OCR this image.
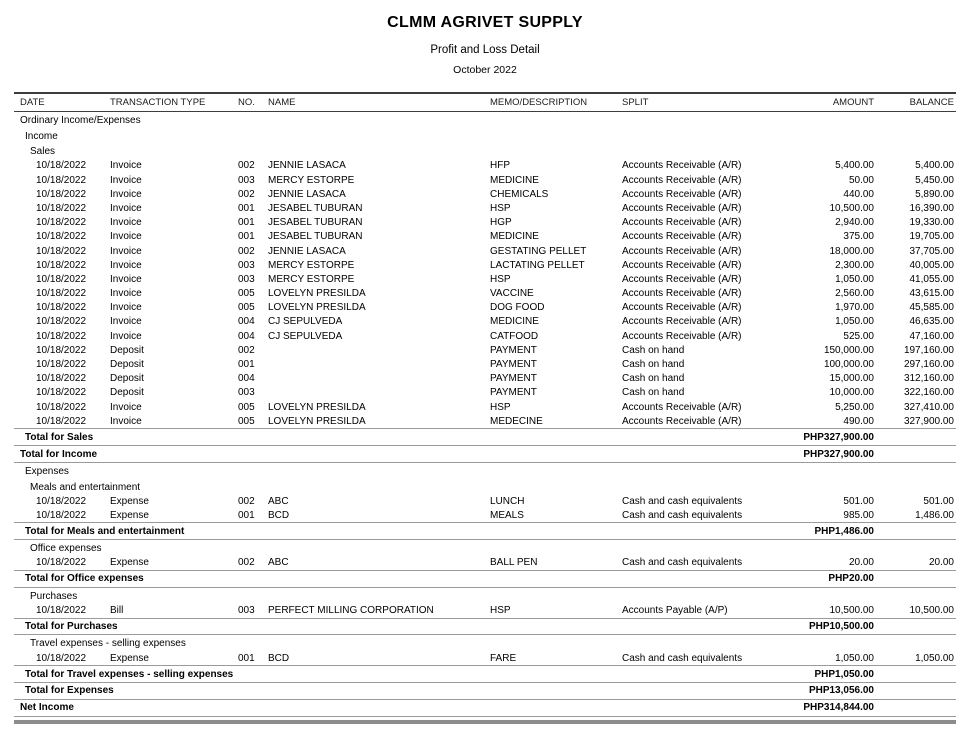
CLMM AGRIVET SUPPLY
Profit and Loss Detail
October 2022
DATE	TRANSACTION TYPE	NO.	NAME	MEMO/DESCRIPTION	SPLIT	AMOUNT	BALANCE
Ordinary Income/Expenses							
Income							
Sales							
10/18/2022	Invoice	002	JENNIE LASACA	HFP	Accounts Receivable (A/R)	5,400.00	5,400.00
10/18/2022	Invoice	003	MERCY ESTORPE	MEDICINE	Accounts Receivable (A/R)	50.00	5,450.00
10/18/2022	Invoice	002	JENNIE LASACA	CHEMICALS	Accounts Receivable (A/R)	440.00	5,890.00
10/18/2022	Invoice	001	JESABEL TUBURAN	HSP	Accounts Receivable (A/R)	10,500.00	16,390.00
10/18/2022	Invoice	001	JESABEL TUBURAN	HGP	Accounts Receivable (A/R)	2,940.00	19,330.00
10/18/2022	Invoice	001	JESABEL TUBURAN	MEDICINE	Accounts Receivable (A/R)	375.00	19,705.00
10/18/2022	Invoice	002	JENNIE LASACA	GESTATING PELLET	Accounts Receivable (A/R)	18,000.00	37,705.00
10/18/2022	Invoice	003	MERCY ESTORPE	LACTATING PELLET	Accounts Receivable (A/R)	2,300.00	40,005.00
10/18/2022	Invoice	003	MERCY ESTORPE	HSP	Accounts Receivable (A/R)	1,050.00	41,055.00
10/18/2022	Invoice	005	LOVELYN PRESILDA	VACCINE	Accounts Receivable (A/R)	2,560.00	43,615.00
10/18/2022	Invoice	005	LOVELYN PRESILDA	DOG FOOD	Accounts Receivable (A/R)	1,970.00	45,585.00
10/18/2022	Invoice	004	CJ SEPULVEDA	MEDICINE	Accounts Receivable (A/R)	1,050.00	46,635.00
10/18/2022	Invoice	004	CJ SEPULVEDA	CATFOOD	Accounts Receivable (A/R)	525.00	47,160.00
10/18/2022	Deposit	002		PAYMENT	Cash on hand	150,000.00	197,160.00
10/18/2022	Deposit	001		PAYMENT	Cash on hand	100,000.00	297,160.00
10/18/2022	Deposit	004		PAYMENT	Cash on hand	15,000.00	312,160.00
10/18/2022	Deposit	003		PAYMENT	Cash on hand	10,000.00	322,160.00
10/18/2022	Invoice	005	LOVELYN PRESILDA	HSP	Accounts Receivable (A/R)	5,250.00	327,410.00
10/18/2022	Invoice	005	LOVELYN PRESILDA	MEDECINE	Accounts Receivable (A/R)	490.00	327,900.00
Total for Sales						PHP327,900.00	
Total for Income						PHP327,900.00	
Expenses							
Meals and entertainment							
10/18/2022	Expense	002	ABC	LUNCH	Cash and cash equivalents	501.00	501.00
10/18/2022	Expense	001	BCD	MEALS	Cash and cash equivalents	985.00	1,486.00
Total for Meals and entertainment						PHP1,486.00	
Office expenses							
10/18/2022	Expense	002	ABC	BALL PEN	Cash and cash equivalents	20.00	20.00
Total for Office expenses						PHP20.00	
Purchases							
10/18/2022	Bill	003	PERFECT MILLING CORPORATION	HSP	Accounts Payable (A/P)	10,500.00	10,500.00
Total for Purchases						PHP10,500.00	
Travel expenses - selling expenses							
10/18/2022	Expense	001	BCD	FARE	Cash and cash equivalents	1,050.00	1,050.00
Total for Travel expenses - selling expenses						PHP1,050.00	
Total for Expenses						PHP13,056.00	
Net Income						PHP314,844.00	
